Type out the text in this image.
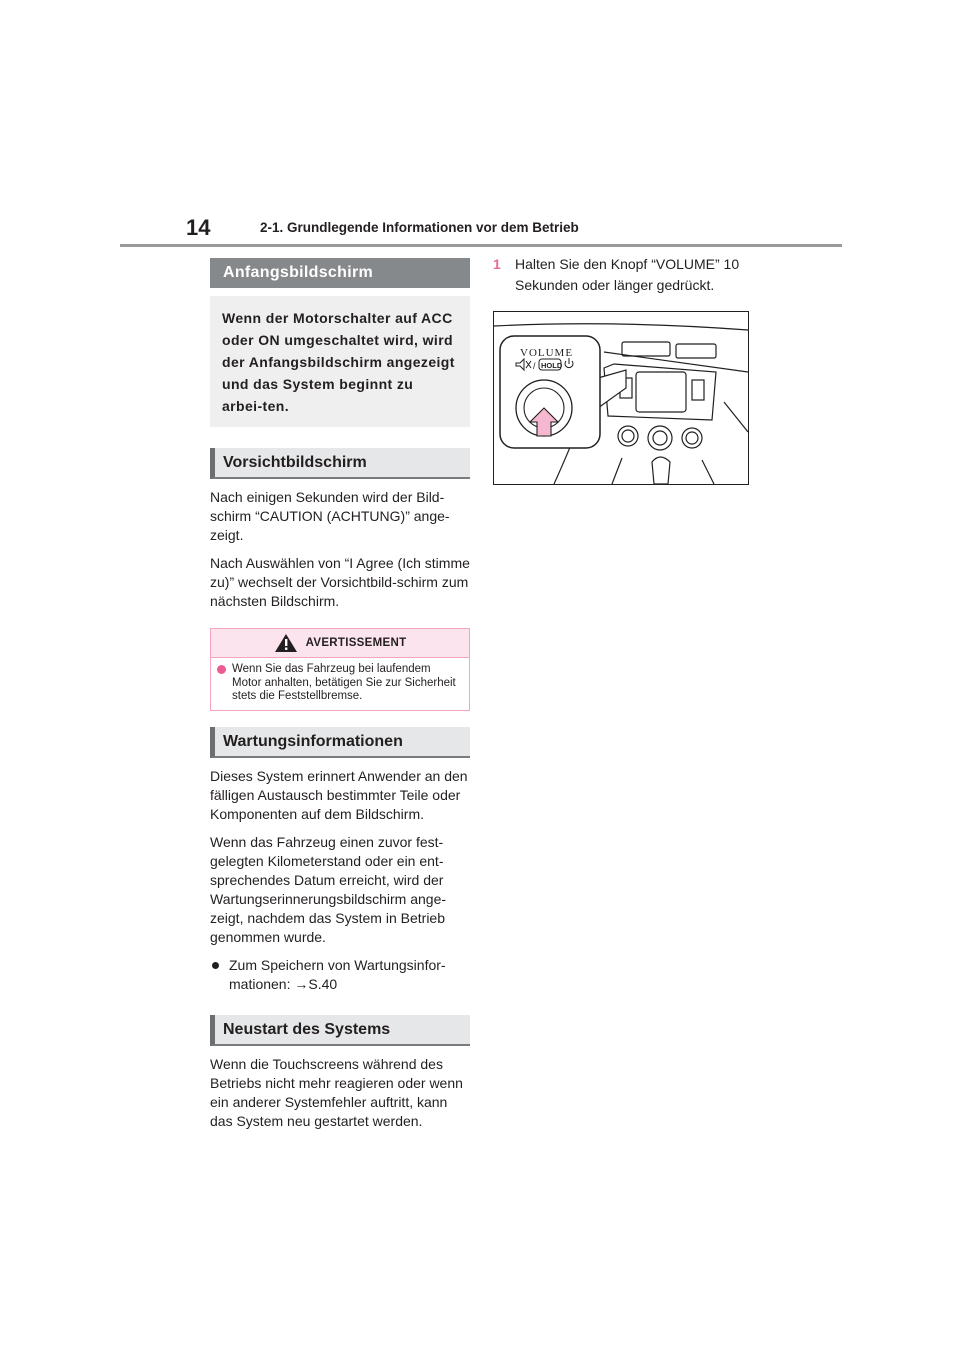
14	2-1. Grundlegende Informationen vor dem Betrieb
Anfangsbildschirm
Wenn der Motorschalter auf ACC oder ON umgeschaltet wird, wird der Anfangsbildschirm angezeigt und das System beginnt zu arbei-ten.
Vorsichtbildschirm

Nach einigen Sekunden wird der Bild-schirm “CAUTION (ACHTUNG)” ange-zeigt.

Nach Auswählen von “I Agree (Ich stimme zu)” wechselt der Vorsichtbild-schirm zum nächsten Bildschirm.

AVERTISSEMENT
Wenn Sie das Fahrzeug bei laufendem Motor anhalten, betätigen Sie zur Sicherheit stets die Feststellbremse.
Wartungsinformationen

Dieses System erinnert Anwender an den fälligen Austausch bestimmter Teile oder Komponenten auf dem Bildschirm.

Wenn das Fahrzeug einen zuvor fest-gelegten Kilometerstand oder ein ent-sprechendes Datum erreicht, wird der Wartungserinnerungsbildschirm ange-zeigt, nachdem das System in Betrieb genommen wurde.

Zum Speichern von Wartungsinfor-mationen: →S.40
Neustart des Systems

Wenn die Touchscreens während des Betriebs nicht mehr reagieren oder wenn ein anderer Systemfehler auftritt, kann das System neu gestartet werden.

1	Halten Sie den Knopf “VOLUME” 10 Sekunden oder länger gedrückt.
VOLUME
/ HOLD
